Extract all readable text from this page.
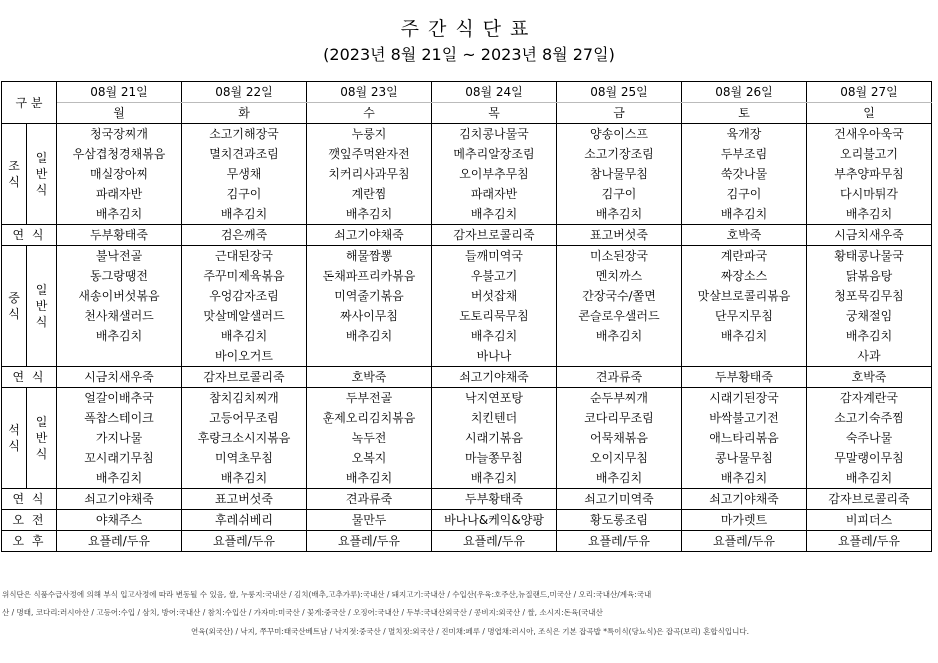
주간식단표
(2023년 8월 21일 ~ 2023년 8월 27일)
구 분		08월 21일	08월 22일	08월 23일	08월 24일	08월 25일	08월 26일	08월 27일
		월	화	수	목	금	토	일

조
식	일
반
식	청국장찌개	소고기해장국	누룽지	김치콩나물국	양송이스프	육개장	건새우아욱국
		우삼겹청경채볶음	멸치견과조림	깻잎주먹완자전	메추리알장조림	소고기장조림	두부조림	오리불고기
		매실장아찌	무생채	치커리사과무침	오이부추무침	참나물무침	쑥갓나물	부추양파무침
		파래자반	김구이	계란찜	파래자반	김구이	김구이	다시마튀각
		배추김치	배추김치	배추김치	배추김치	배추김치	배추김치	배추김치
연 식		두부황태죽	검은깨죽	쇠고기야채죽	감자브로콜리죽	표고버섯죽	호박죽	시금치새우죽

중
식	일
반
식	불낙전골	근대된장국	해물짬뽕	들깨미역국	미소된장국	계란파국	황태콩나물국
		동그랑땡전	주꾸미제육볶음	돈채파프리카볶음	우불고기	멘치까스	짜장소스	닭볶음탕
		새송이버섯볶음	우엉감자조림	미역줄기볶음	버섯잡채	간장국수/쫄면	맛살브로콜리볶음	청포묵김무침
		천사채샐러드	맛살메알샐러드	짜사이무침	도토리묵무침	콘슬로우샐러드	단무지무침	궁채절임
		배추김치	배추김치	배추김치	배추김치	배추김치	배추김치	배추김치
			바이오거트		바나나			사과
연 식		시금치새우죽	감자브로콜리죽	호박죽	쇠고기야채죽	견과류죽	두부황태죽	호박죽

석
식	일
반
식	얼갈이배추국	참치김치찌개	두부전골	낙지연포탕	순두부찌개	시래기된장국	감자계란국
		폭찹스테이크	고등어무조림	훈제오리김치볶음	치킨텐더	코다리무조림	바싹불고기전	소고기숙주찜
		가지나물	후랑크소시지볶음	녹두전	시래기볶음	어묵채볶음	애느타리볶음	숙주나물
		꼬시래기무침	미역초무침	오복지	마늘쫑무침	오이지무침	콩나물무침	무말랭이무침
		배추김치	배추김치	배추김치	배추김치	배추김치	배추김치	배추김치
연 식		쇠고기야채죽	표고버섯죽	견과류죽	두부황태죽	쇠고기미역죽	쇠고기야채죽	감자브로콜리죽
오 전		야채주스	후레쉬베리	물만두	바나나&케익&양팡	황도롱조림	마가렛트	비피더스
오 후		요플레/두유	요플레/두유	요플레/두유	요플레/두유	요플레/두유	요플레/두유	요플레/두유
위식단은 식품수급사정에 의해 부식 입고사정에 따라 변동될 수 있음, 쌀, 누룽지:국내산 / 김치(배추,고추가루):국내산 / 돼지고기:국내산 / 수입산(우육:호주산,뉴질랜드,미국산 / 오리:국내산/계육:국내
산 / 명태, 코다리:러시아산 / 고등어:수입 / 삼치, 방어:국내산 / 참치:수입산 / 가자미:미국산 / 꽃게:중국산 / 오징어:국내산 / 두부:국내산외국산 / 콩비지:외국산 / 쌀, 소시지:돈육(국내산
연육(외국산) / 낙지, 쭈꾸미:태국산베트남 / 낙지젓:중국산 / 멸치젓:외국산 / 진미채:페루 / 명엽채:러시아, 조식은 기본 잡곡밥 *특이식(당뇨식)은 잡곡(보리) 혼합식입니다.
